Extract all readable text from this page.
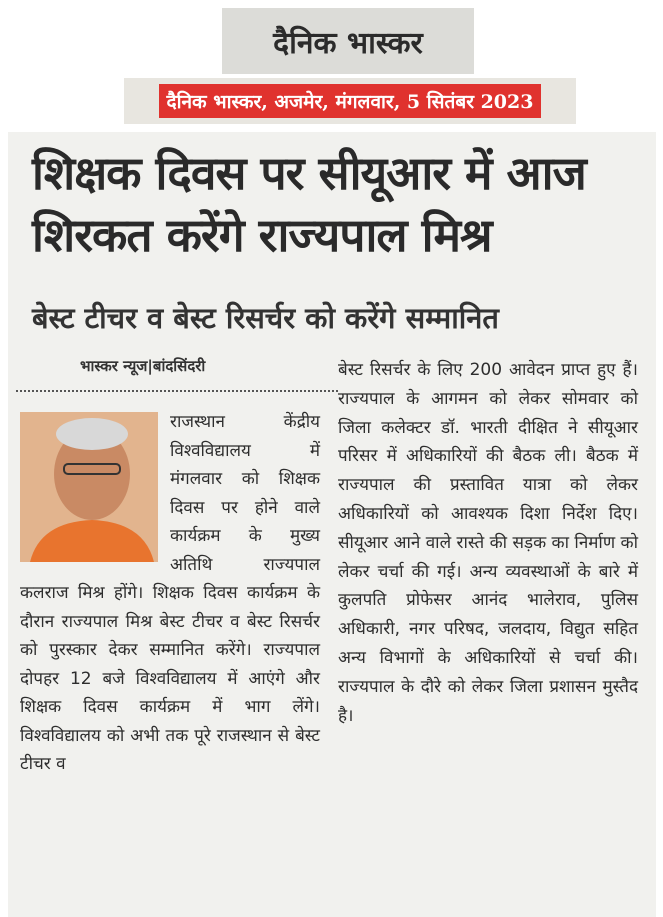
दैनिक भास्कर
दैनिक भास्कर, अजमेर, मंगलवार, 5 सितंबर 2023
शिक्षक दिवस पर सीयूआर में आज शिरकत करेंगे राज्यपाल मिश्र
बेस्ट टीचर व बेस्ट रिसर्चर को करेंगे सम्मानित
भास्कर न्यूज|बांदसिंदरी

राजस्थान केंद्रीय विश्वविद्यालय में मंगलवार को शिक्षक दिवस पर होने वाले कार्यक्रम के मुख्य अतिथि राज्यपाल कलराज मिश्र होंगे। शिक्षक दिवस कार्यक्रम के दौरान राज्यपाल मिश्र बेस्ट टीचर व बेस्ट रिसर्चर को पुरस्कार देकर सम्मानित करेंगे। राज्यपाल दोपहर 12 बजे विश्वविद्यालय में आएंगे और शिक्षक दिवस कार्यक्रम में भाग लेंगे। विश्वविद्यालय को अभी तक पूरे राजस्थान से बेस्ट टीचर व

बेस्ट रिसर्चर के लिए 200 आवेदन प्राप्त हुए हैं। राज्यपाल के आगमन को लेकर सोमवार को जिला कलेक्टर डॉ. भारती दीक्षित ने सीयूआर परिसर में अधिकारियों की बैठक ली। बैठक में राज्यपाल की प्रस्तावित यात्रा को लेकर अधिकारियों को आवश्यक दिशा निर्देश दिए। सीयूआर आने वाले रास्ते की सड़क का निर्माण को लेकर चर्चा की गई। अन्य व्यवस्थाओं के बारे में कुलपति प्रोफेसर आनंद भालेराव, पुलिस अधिकारी, नगर परिषद, जलदाय, विद्युत सहित अन्य विभागों के अधिकारियों से चर्चा की। राज्यपाल के दौरे को लेकर जिला प्रशासन मुस्तैद है।
